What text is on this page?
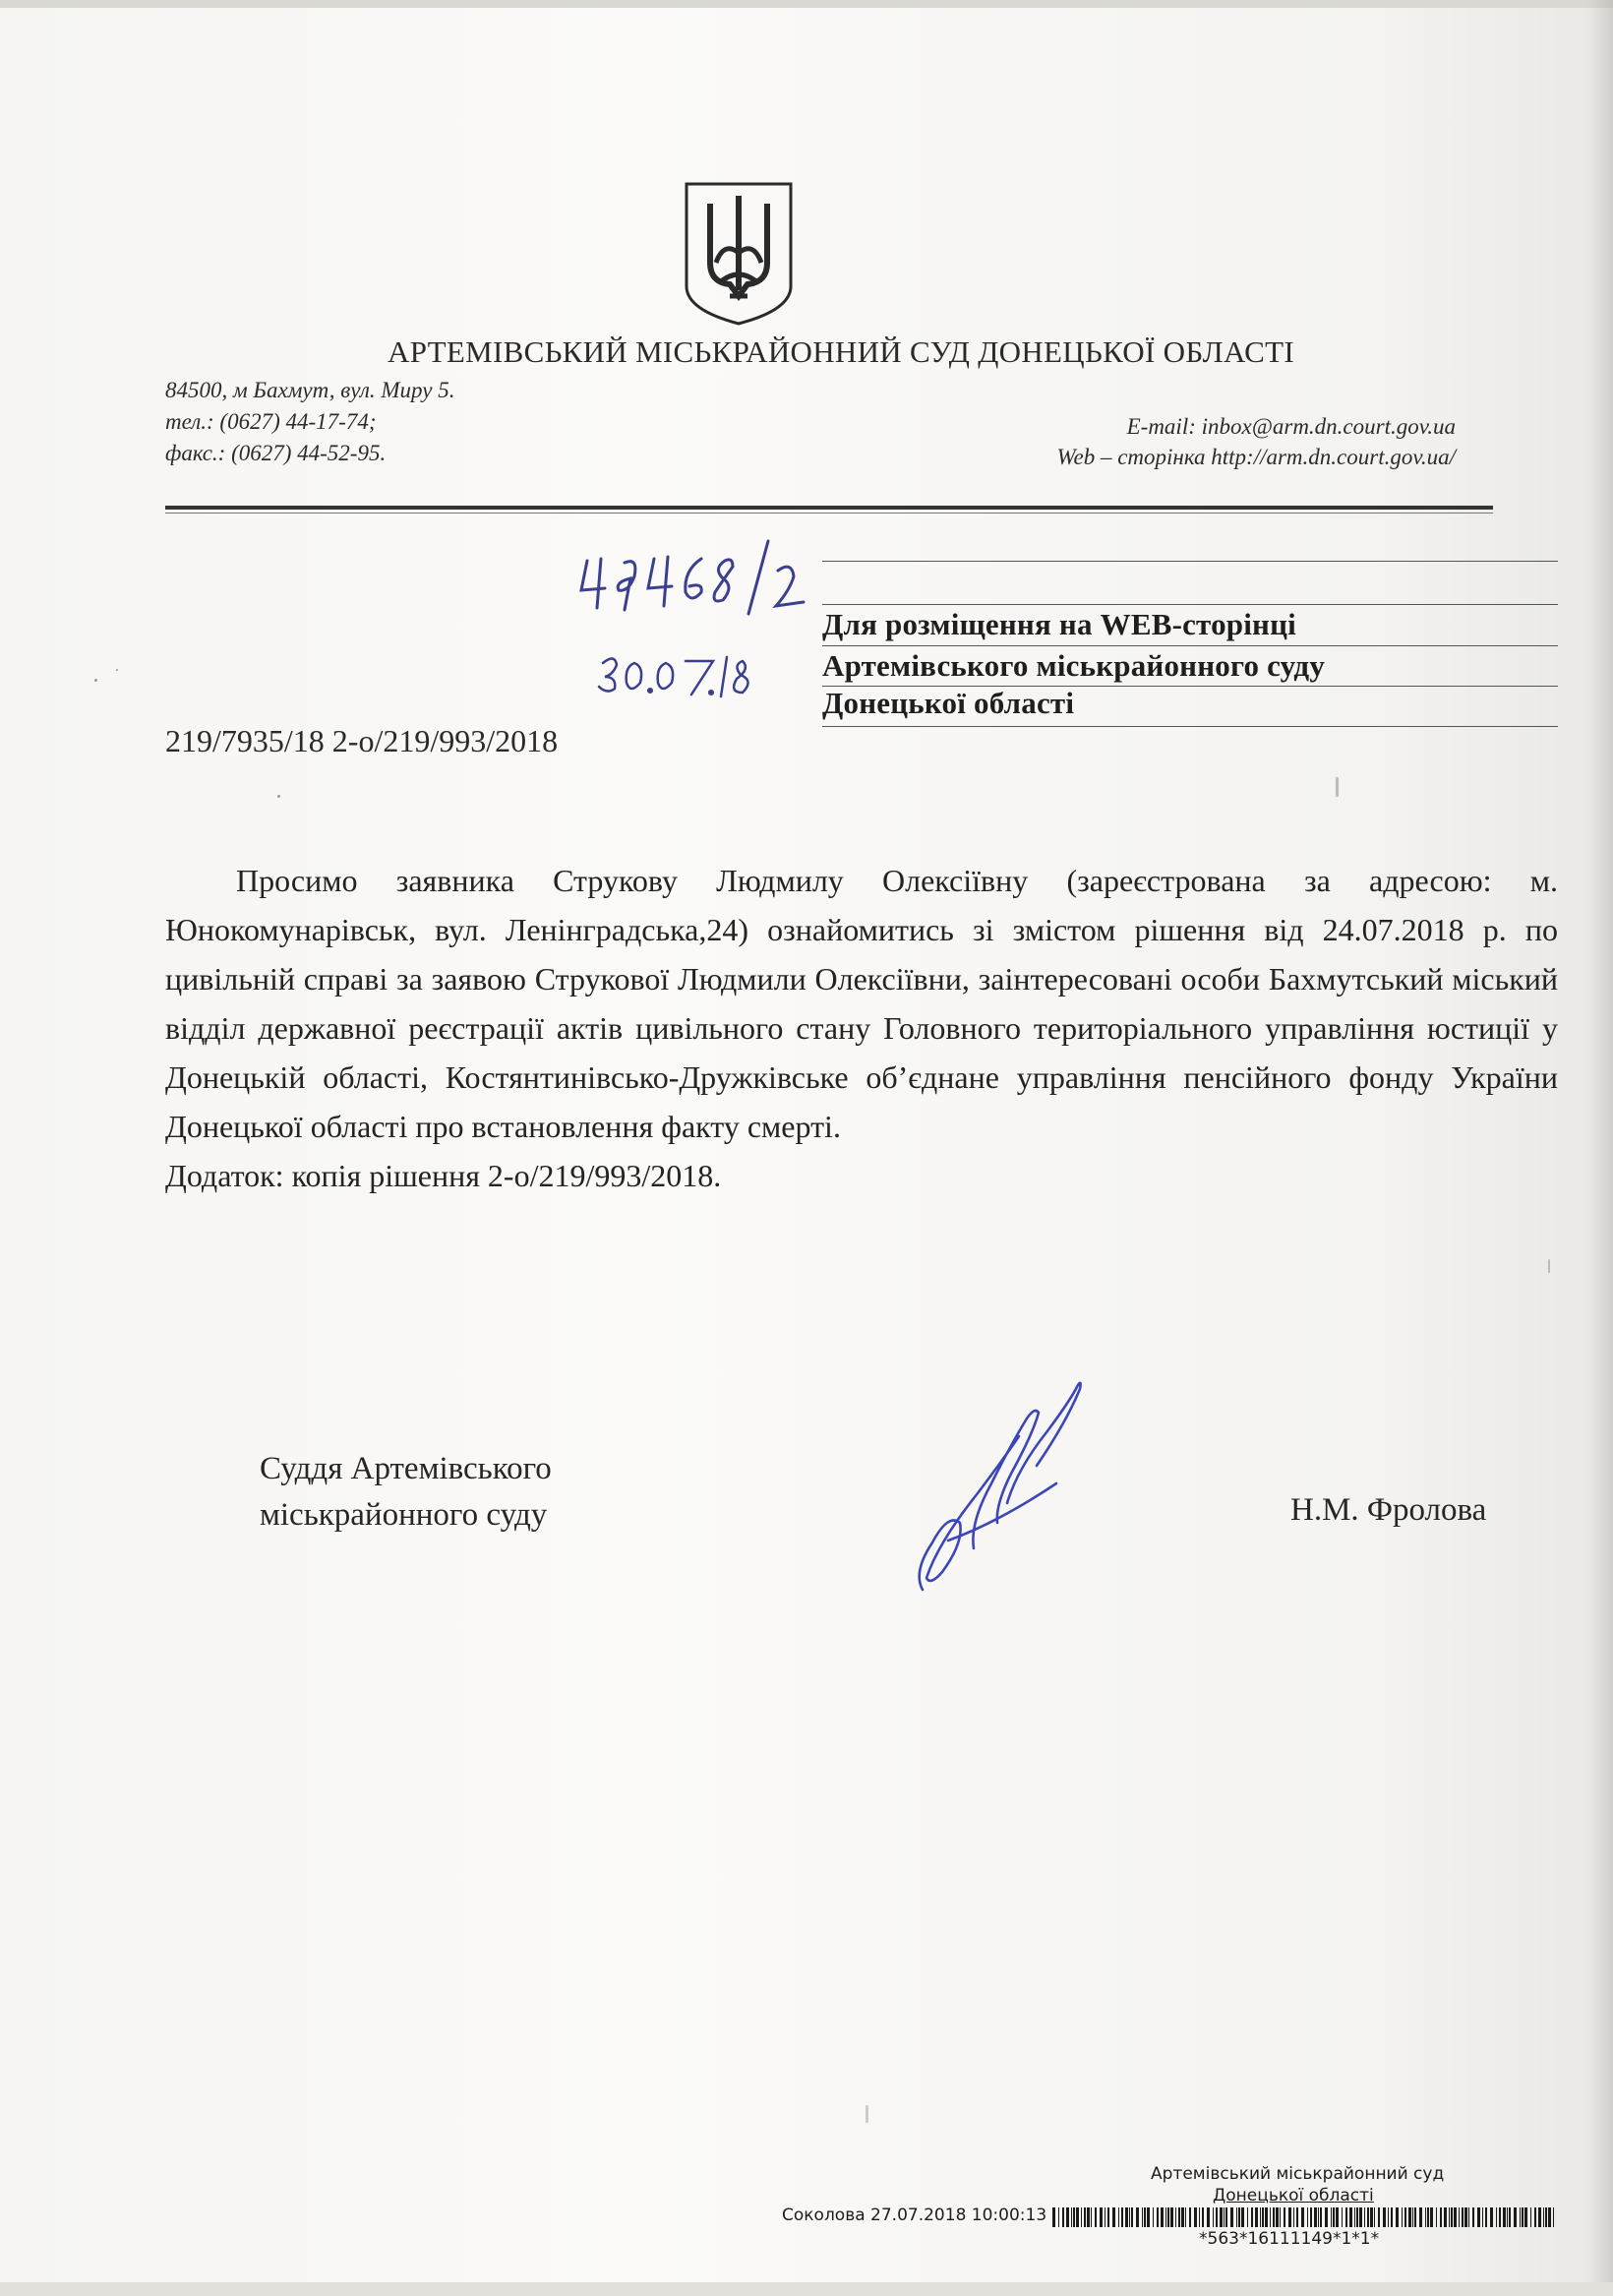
АРТЕМІВСЬКИЙ МІСЬКРАЙОННИЙ СУД ДОНЕЦЬКОЇ ОБЛАСТІ
84500, м Бахмут, вул. Миру 5.
тел.: (0627) 44-17-74;
факс.: (0627) 44-52-95.
E-mail: inbox@arm.dn.court.gov.ua
Web – сторінка http://arm.dn.court.gov.ua/
Для розміщення на WEB-сторінці
Артемівського міськрайонного суду
Донецької області
219/7935/18 2-о/219/993/2018

Просимо заявника Струкову Людмилу Олексіївну (зареєстрована за адресою: м. Юнокомунарівськ, вул. Ленінградська,24) ознайомитись зі змістом рішення від 24.07.2018 р. по цивільній справі за заявою Струкової Людмили Олексіївни, заінтересовані особи Бахмутський міський відділ державної реєстрації актів цивільного стану Головного територіального управління юстиції у Донецькій області, Костянтинівсько-Дружківське об’єднане управління пенсійного фонду України Донецької області про встановлення факту смерті.

Додаток: копія рішення 2-о/219/993/2018.

Суддя Артемівського
міськрайонного суду	Н.М. Фролова
Артемівський міськрайонний суд
Донецької області
Соколова 27.07.2018 10:00:13
*563*16111149*1*1*
